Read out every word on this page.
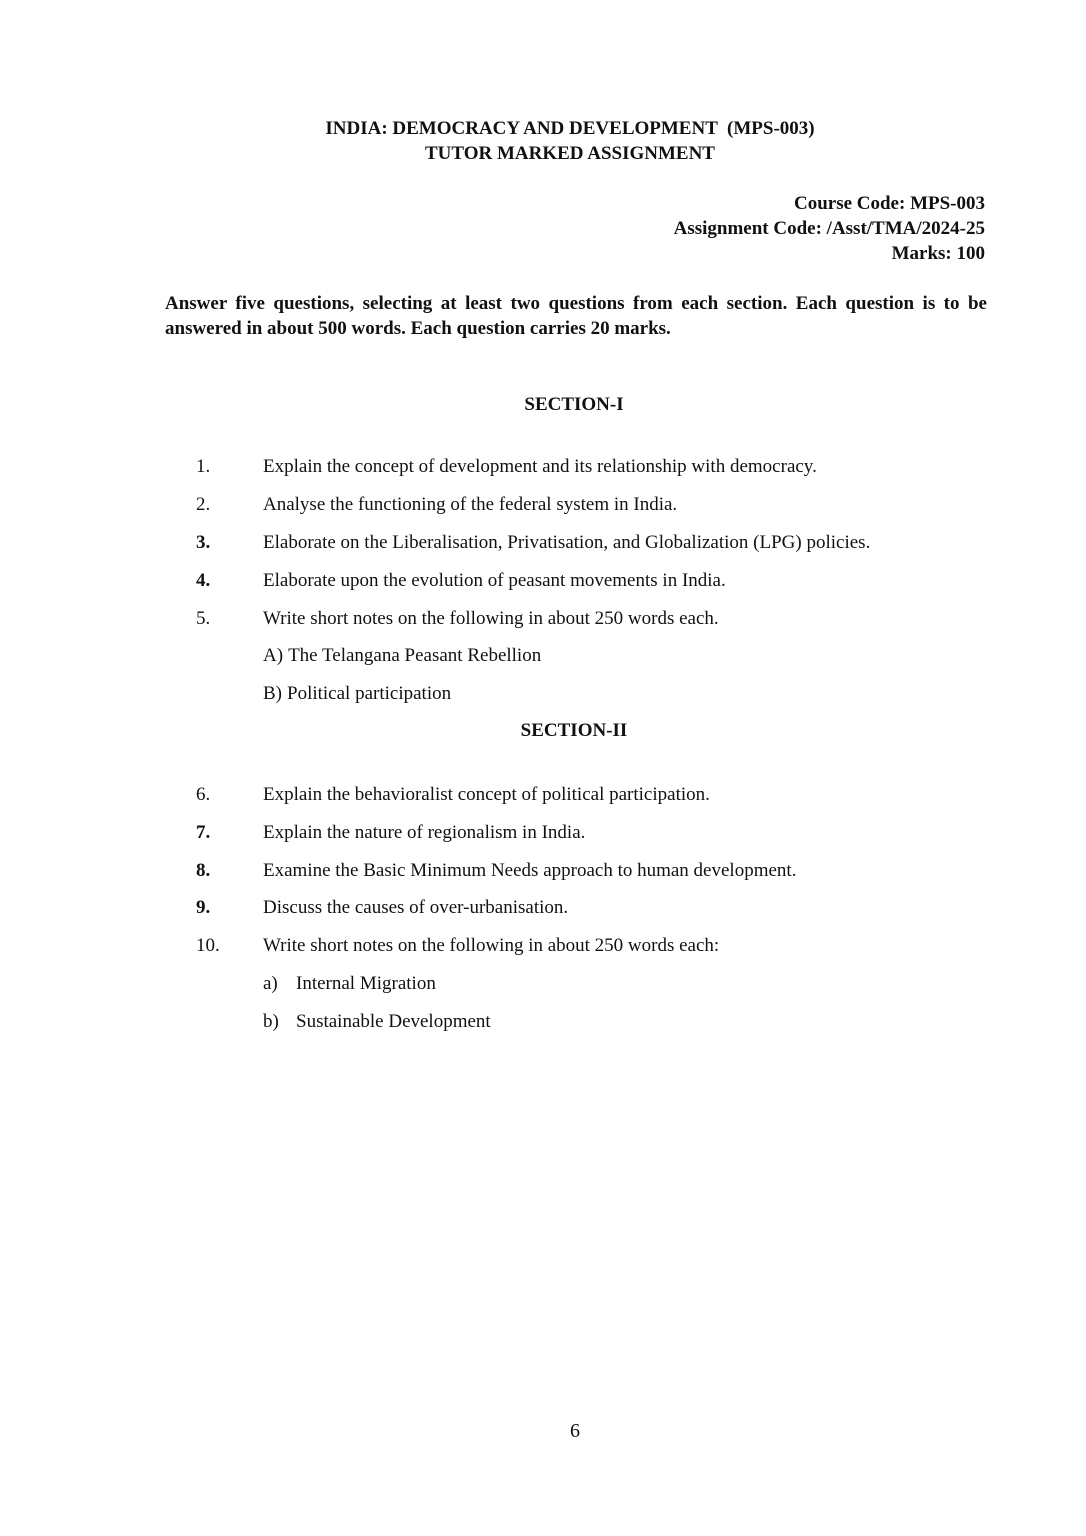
INDIA: DEMOCRACY AND DEVELOPMENT  (MPS-003)
TUTOR MARKED ASSIGNMENT
Course Code: MPS-003
Assignment Code: /Asst/TMA/2024-25
Marks: 100
Answer five questions, selecting at least two questions from each section. Each question is to be answered in about 500 words. Each question carries 20 marks.
SECTION-I
1.	Explain the concept of development and its relationship with democracy.
2.	Analyse the functioning of the federal system in India.
3.	Elaborate on the Liberalisation, Privatisation, and Globalization (LPG) policies.
4.	Elaborate upon the evolution of peasant movements in India.
5.	Write short notes on the following in about 250 words each.
A) The Telangana Peasant Rebellion
B) Political participation
SECTION-II
6.	Explain the behavioralist concept of political participation.
7.	Explain the nature of regionalism in India.
8.	Examine the Basic Minimum Needs approach to human development.
9.	Discuss the causes of over-urbanisation.
10.	Write short notes on the following in about 250 words each:
a) Internal Migration
b) Sustainable Development
6
